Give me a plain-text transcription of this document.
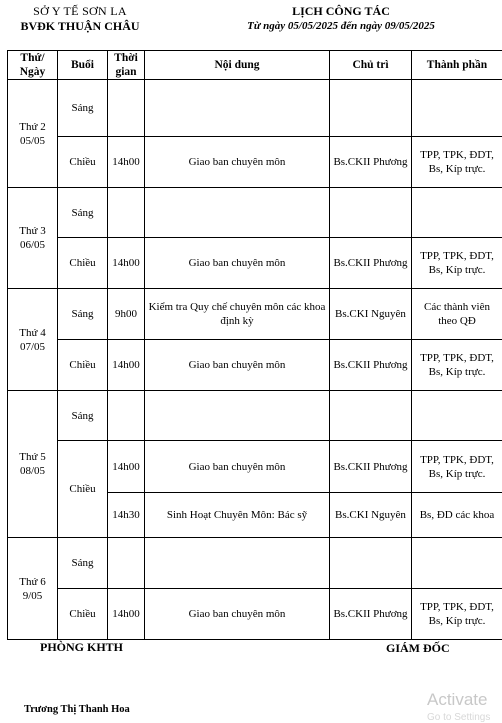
SỞ Y TẾ SƠN LA
BVĐK THUẬN CHÂU
LỊCH CÔNG TÁC
Từ ngày 05/05/2025 đến ngày 09/05/2025
Thứ/ Ngày	Buổi	Thời gian	Nội dung	Chủ trì	Thành phần
Thứ 2 05/05	Sáng				
	Chiều	14h00	Giao ban chuyên môn	Bs.CKII Phương	TPP, TPK, ĐDT, Bs, Kíp trực.
Thứ 3 06/05	Sáng				
	Chiều	14h00	Giao ban chuyên môn	Bs.CKII Phương	TPP, TPK, ĐDT, Bs, Kíp trực.
Thứ 4 07/05	Sáng	9h00	Kiểm tra Quy chế chuyên môn các khoa định kỳ	Bs.CKI Nguyên	Các thành viên theo QĐ
	Chiều	14h00	Giao ban chuyên môn	Bs.CKII Phương	TPP, TPK, ĐDT, Bs, Kíp trực.
Thứ 5 08/05	Sáng				
	Chiều	14h00	Giao ban chuyên môn	Bs.CKII Phương	TPP, TPK, ĐDT, Bs, Kíp trực.
		14h30	Sinh Hoạt Chuyên Môn: Bác sỹ	Bs.CKI Nguyên	Bs, ĐD các khoa
Thứ 6 9/05	Sáng				
	Chiều	14h00	Giao ban chuyên môn	Bs.CKII Phương	TPP, TPK, ĐDT, Bs, Kíp trực.
PHÒNG KHTH	GIÁM ĐỐC
Trương Thị Thanh Hoa
Activate
Go to Settings
